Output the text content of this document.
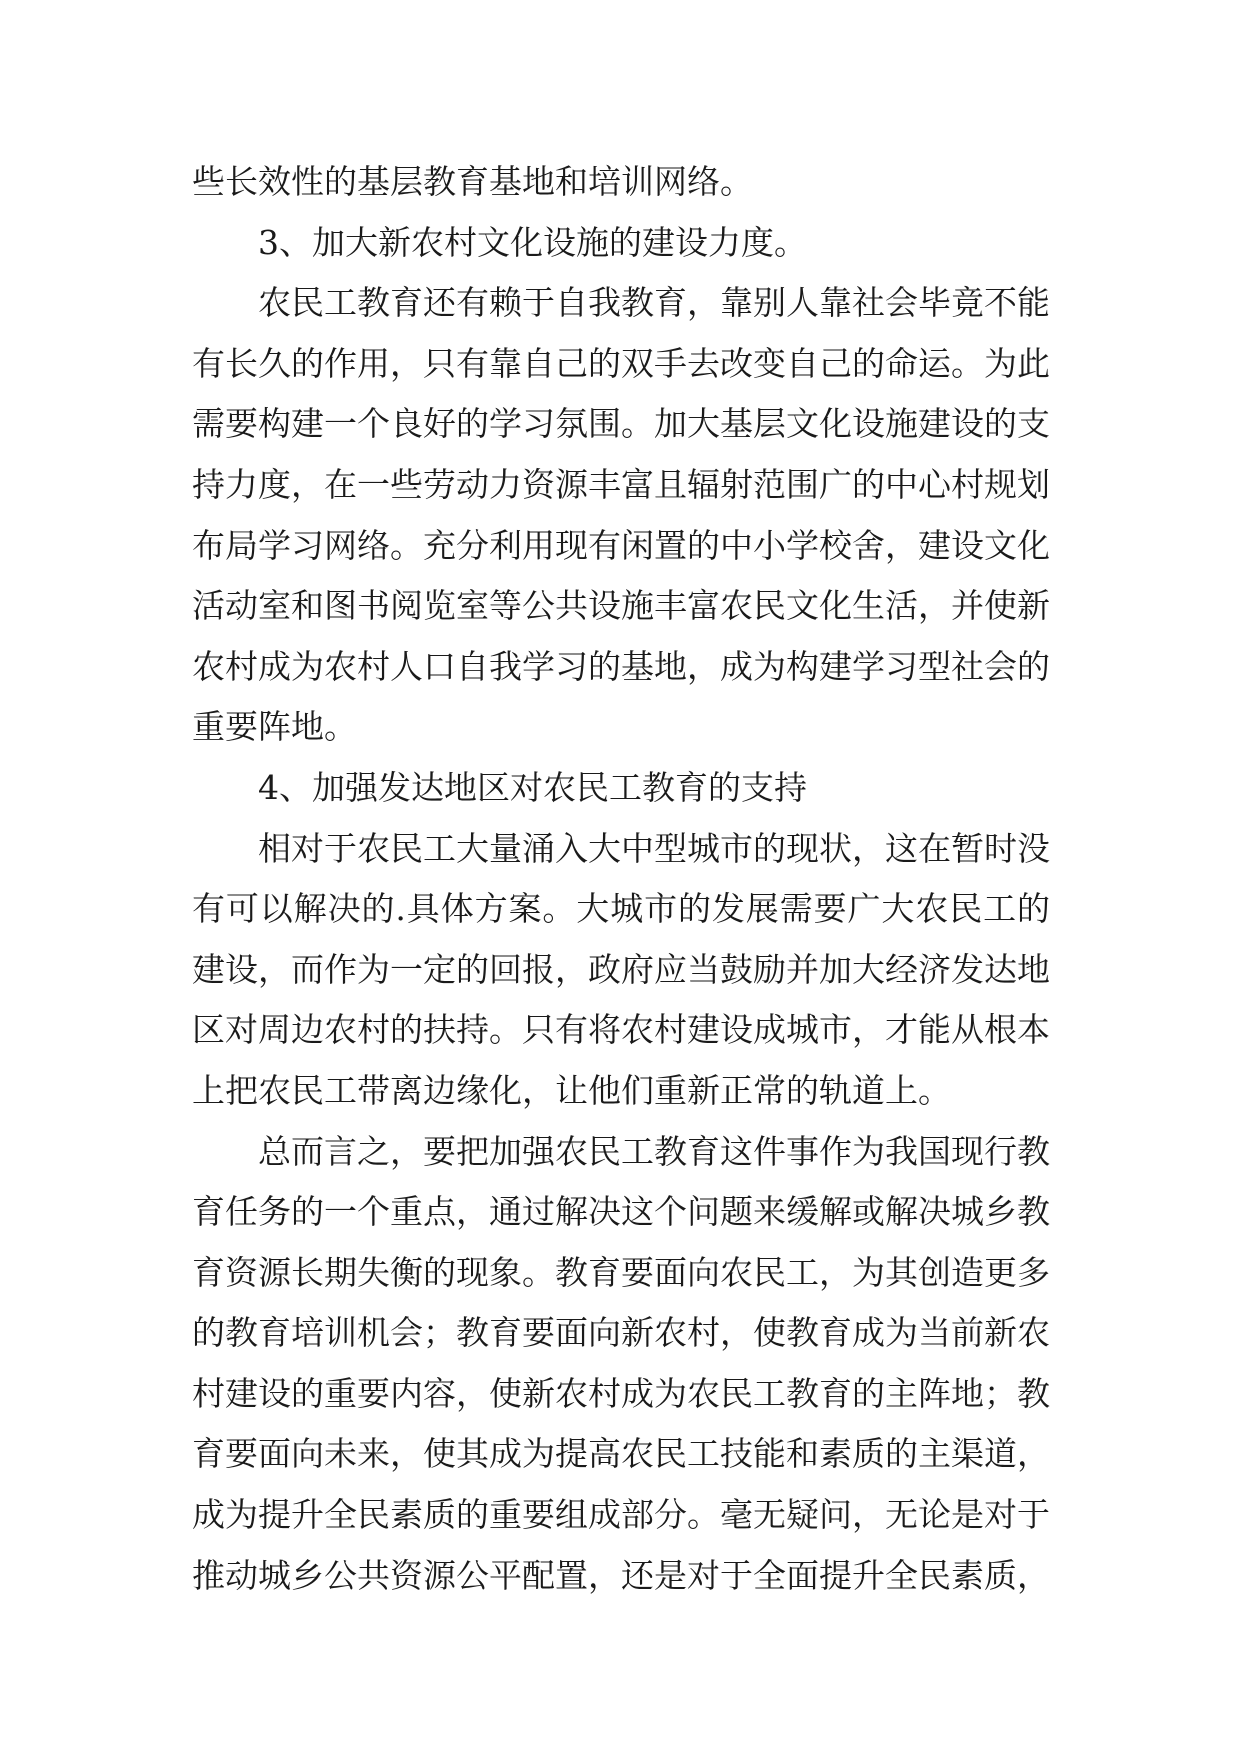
些长效性的基层教育基地和培训网络。
3、加大新农村文化设施的建设力度。
农民工教育还有赖于自我教育，靠别人靠社会毕竟不能
有长久的作用，只有靠自己的双手去改变自己的命运。为此
需要构建一个良好的学习氛围。加大基层文化设施建设的支
持力度，在一些劳动力资源丰富且辐射范围广的中心村规划
布局学习网络。充分利用现有闲置的中小学校舍，建设文化
活动室和图书阅览室等公共设施丰富农民文化生活，并使新
农村成为农村人口自我学习的基地，成为构建学习型社会的
重要阵地。
4、加强发达地区对农民工教育的支持
相对于农民工大量涌入大中型城市的现状，这在暂时没
有可以解决的.具体方案。大城市的发展需要广大农民工的
建设，而作为一定的回报，政府应当鼓励并加大经济发达地
区对周边农村的扶持。只有将农村建设成城市，才能从根本
上把农民工带离边缘化，让他们重新正常的轨道上。
总而言之，要把加强农民工教育这件事作为我国现行教
育任务的一个重点，通过解决这个问题来缓解或解决城乡教
育资源长期失衡的现象。教育要面向农民工，为其创造更多
的教育培训机会；教育要面向新农村，使教育成为当前新农
村建设的重要内容，使新农村成为农民工教育的主阵地；教
育要面向未来，使其成为提高农民工技能和素质的主渠道，
成为提升全民素质的重要组成部分。毫无疑问，无论是对于
推动城乡公共资源公平配置，还是对于全面提升全民素质，
